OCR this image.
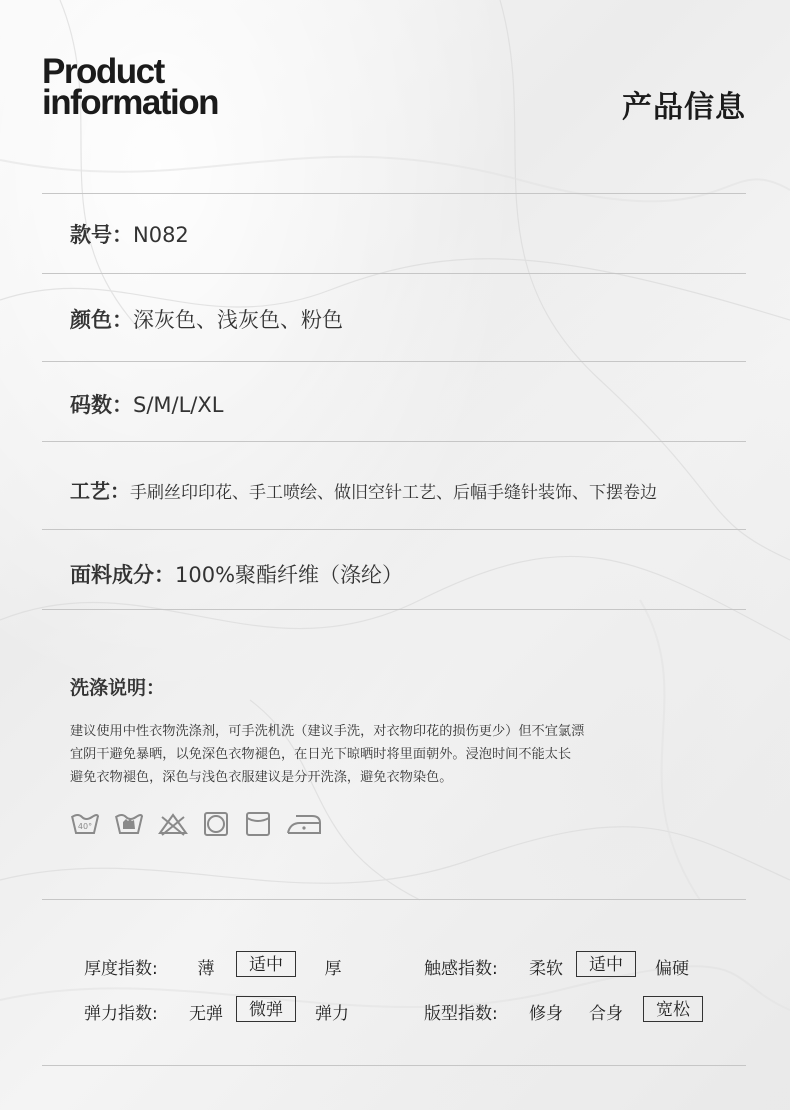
Product
information	产品信息
款号：N082
颜色：深灰色、浅灰色、粉色
码数：S/M/L/XL
工艺：手刷丝印印花、手工喷绘、做旧空针工艺、后幅手缝针装饰、下摆卷边
面料成分：100%聚酯纤维（涤纶）
洗涤说明：
建议使用中性衣物洗涤剂，可手洗机洗（建议手洗，对衣物印花的损伤更少）但不宜氯漂
宜阴干避免暴晒，以免深色衣物褪色，在日光下晾晒时将里面朝外。浸泡时间不能太长
避免衣物褪色，深色与浅色衣服建议是分开洗涤，避免衣物染色。
40°
厚度指数:	薄	适中	厚	触感指数: 柔软	适中	偏硬
弹力指数: 无弹	微弹	弹力	版型指数: 修身 合身	宽松
